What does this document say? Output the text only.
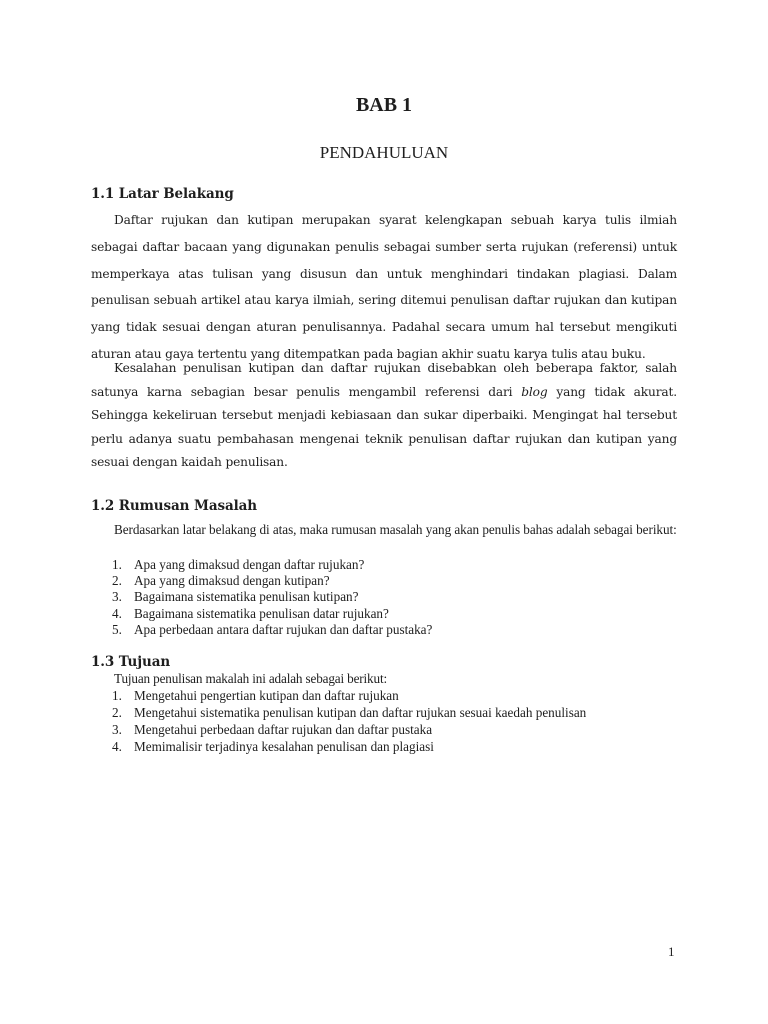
BAB 1
PENDAHULUAN
1.1 Latar Belakang

Daftar rujukan dan kutipan merupakan syarat kelengkapan sebuah karya tulis ilmiah sebagai daftar bacaan yang digunakan penulis sebagai sumber serta rujukan (referensi) untuk memperkaya atas tulisan yang disusun dan untuk menghindari tindakan plagiasi. Dalam penulisan sebuah artikel atau karya ilmiah, sering ditemui penulisan daftar rujukan dan kutipan yang tidak sesuai dengan aturan penulisannya. Padahal secara umum hal tersebut mengikuti aturan atau gaya tertentu yang ditempatkan pada bagian akhir suatu karya tulis atau buku.

Kesalahan penulisan kutipan dan daftar rujukan disebabkan oleh beberapa faktor, salah satunya karna sebagian besar penulis mengambil referensi dari blog yang tidak akurat. Sehingga kekeliruan tersebut menjadi kebiasaan dan sukar diperbaiki. Mengingat hal tersebut perlu adanya suatu pembahasan mengenai teknik penulisan daftar rujukan dan kutipan yang sesuai dengan kaidah penulisan.

1.2 Rumusan Masalah

Berdasarkan latar belakang di atas, maka rumusan masalah yang akan penulis bahas adalah sebagai berikut:

1. Apa yang dimaksud dengan daftar rujukan?
2. Apa yang dimaksud dengan kutipan?
3. Bagaimana sistematika penulisan kutipan?
4. Bagaimana sistematika penulisan datar rujukan?
5. Apa perbedaan antara daftar rujukan dan daftar pustaka?
1.3 Tujuan

Tujuan penulisan makalah ini adalah sebagai berikut:

1. Mengetahui pengertian kutipan dan daftar rujukan
2. Mengetahui sistematika penulisan kutipan dan daftar rujukan sesuai kaedah penulisan
3. Mengetahui perbedaan daftar rujukan dan daftar pustaka
4. Memimalisir terjadinya kesalahan penulisan dan plagiasi
1
